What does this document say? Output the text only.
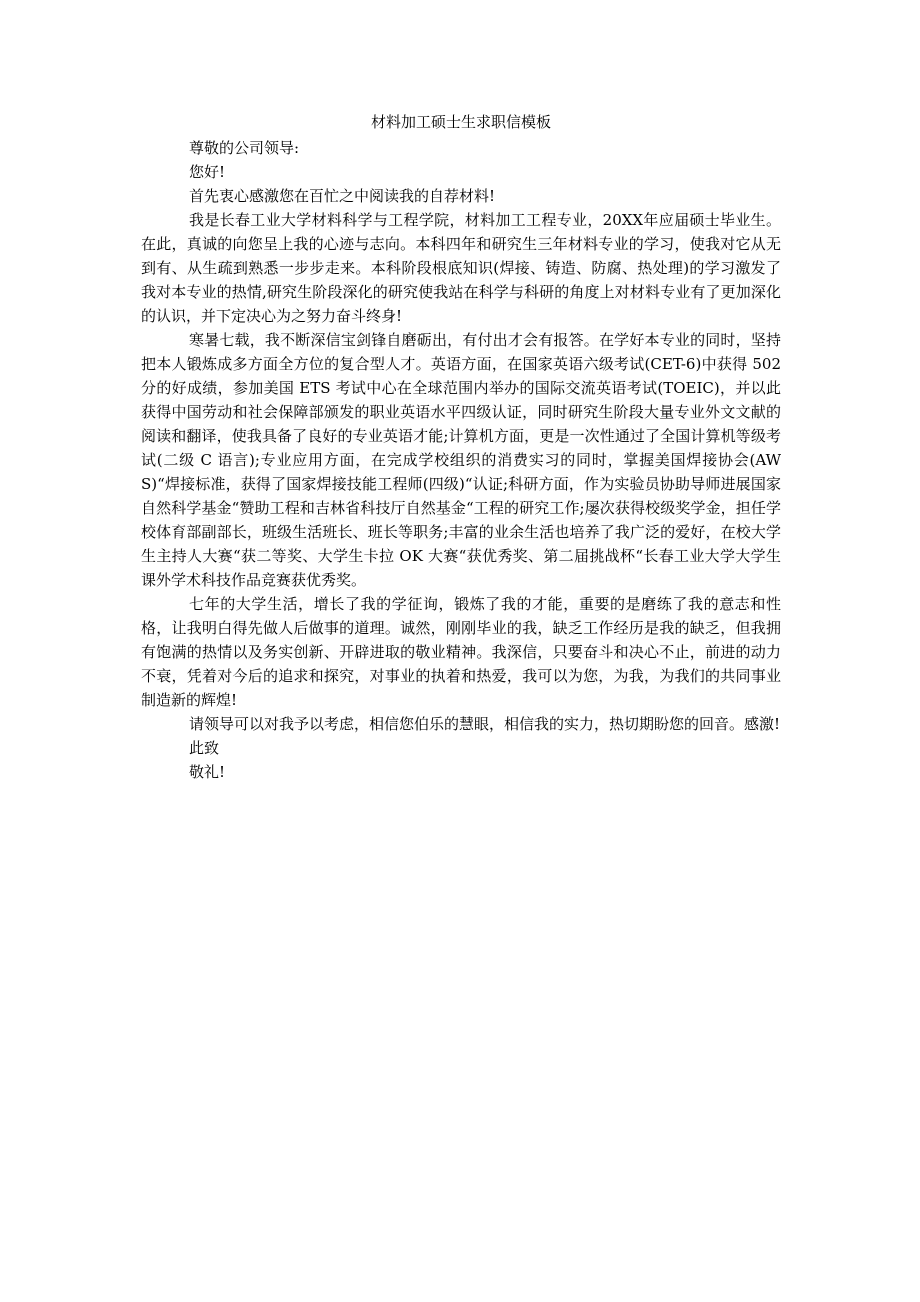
材料加工硕士生求职信模板

尊敬的公司领导:

您好!

首先衷心感激您在百忙之中阅读我的自荐材料!

我是长春工业大学材料科学与工程学院，材料加工工程专业，20XX年应届硕士毕业生。在此，真诚的向您呈上我的心迹与志向。本科四年和研究生三年材料专业的学习，使我对它从无到有、从生疏到熟悉一步步走来。本科阶段根底知识(焊接、铸造、防腐、热处理)的学习激发了我对本专业的热情,研究生阶段深化的研究使我站在科学与科研的角度上对材料专业有了更加深化的认识，并下定决心为之努力奋斗终身!

寒暑七载，我不断深信宝剑锋自磨砺出，有付出才会有报答。在学好本专业的同时，坚持把本人锻炼成多方面全方位的复合型人才。英语方面，在国家英语六级考试(CET-6)中获得 502 分的好成绩，参加美国 ETS 考试中心在全球范围内举办的国际交流英语考试(TOEIC)，并以此获得中国劳动和社会保障部颁发的职业英语水平四级认证，同时研究生阶段大量专业外文文献的阅读和翻译，使我具备了良好的专业英语才能;计算机方面，更是一次性通过了全国计算机等级考试(二级 C 语言);专业应用方面，在完成学校组织的消费实习的同时，掌握美国焊接协会(AWS)“焊接标准，获得了国家焊接技能工程师(四级)“认证;科研方面，作为实验员协助导师进展国家自然科学基金“赞助工程和吉林省科技厅自然基金“工程的研究工作;屡次获得校级奖学金，担任学校体育部副部长，班级生活班长、班长等职务;丰富的业余生活也培养了我广泛的爱好，在校大学生主持人大赛“获二等奖、大学生卡拉 OK 大赛“获优秀奖、第二届挑战杯“长春工业大学大学生课外学术科技作品竞赛获优秀奖。

七年的大学生活，增长了我的学征询，锻炼了我的才能，重要的是磨练了我的意志和性格，让我明白得先做人后做事的道理。诚然，刚刚毕业的我，缺乏工作经历是我的缺乏，但我拥有饱满的热情以及务实创新、开辟进取的敬业精神。我深信，只要奋斗和决心不止，前进的动力不衰，凭着对今后的追求和探究，对事业的执着和热爱，我可以为您，为我，为我们的共同事业制造新的辉煌!

请领导可以对我予以考虑，相信您伯乐的慧眼，相信我的实力，热切期盼您的回音。感激!

此致

敬礼!
